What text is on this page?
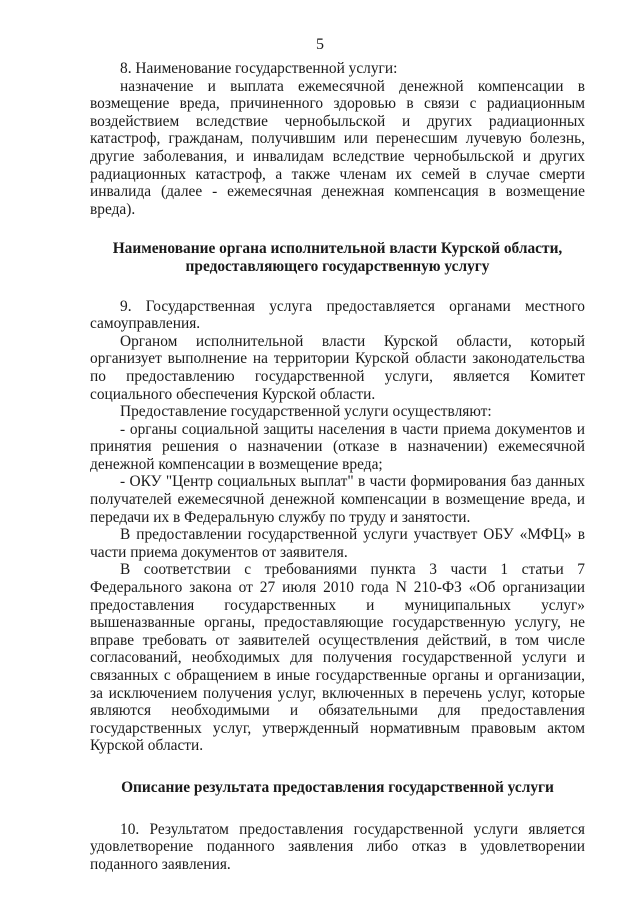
5

8. Наименование государственной услуги:

назначение и выплата ежемесячной денежной компенсации в возмещение вреда, причиненного здоровью в связи с радиационным воздействием вследствие чернобыльской и других радиационных катастроф, гражданам, получившим или перенесшим лучевую болезнь, другие заболевания, и инвалидам вследствие чернобыльской и других радиационных катастроф, а также членам их семей в случае смерти инвалида (далее - ежемесячная денежная компенсация в возмещение вреда).

Наименование органа исполнительной власти Курской области, предоставляющего государственную услугу

9. Государственная услуга предоставляется органами местного самоуправления.

Органом исполнительной власти Курской области, который организует выполнение на территории Курской области законодательства по предоставлению государственной услуги, является Комитет социального обеспечения Курской области.

Предоставление государственной услуги осуществляют:

- органы социальной защиты населения в части приема документов и принятия решения о назначении (отказе в назначении) ежемесячной денежной компенсации в возмещение вреда;

- ОКУ "Центр социальных выплат" в части формирования баз данных получателей ежемесячной денежной компенсации в возмещение вреда, и передачи их в Федеральную службу по труду и занятости.

В предоставлении государственной услуги участвует ОБУ «МФЦ» в части приема документов от заявителя.

В соответствии с требованиями пункта 3 части 1 статьи 7 Федерального закона от 27 июля 2010 года N 210-ФЗ «Об организации предоставления государственных и муниципальных услуг» вышеназванные органы, предоставляющие государственную услугу, не вправе требовать от заявителей осуществления действий, в том числе согласований, необходимых для получения государственной услуги и связанных с обращением в иные государственные органы и организации, за исключением получения услуг, включенных в перечень услуг, которые являются необходимыми и обязательными для предоставления государственных услуг, утвержденный нормативным правовым актом Курской области.

Описание результата предоставления государственной услуги

10. Результатом предоставления государственной услуги является удовлетворение поданного заявления либо отказ в удовлетворении поданного заявления.
